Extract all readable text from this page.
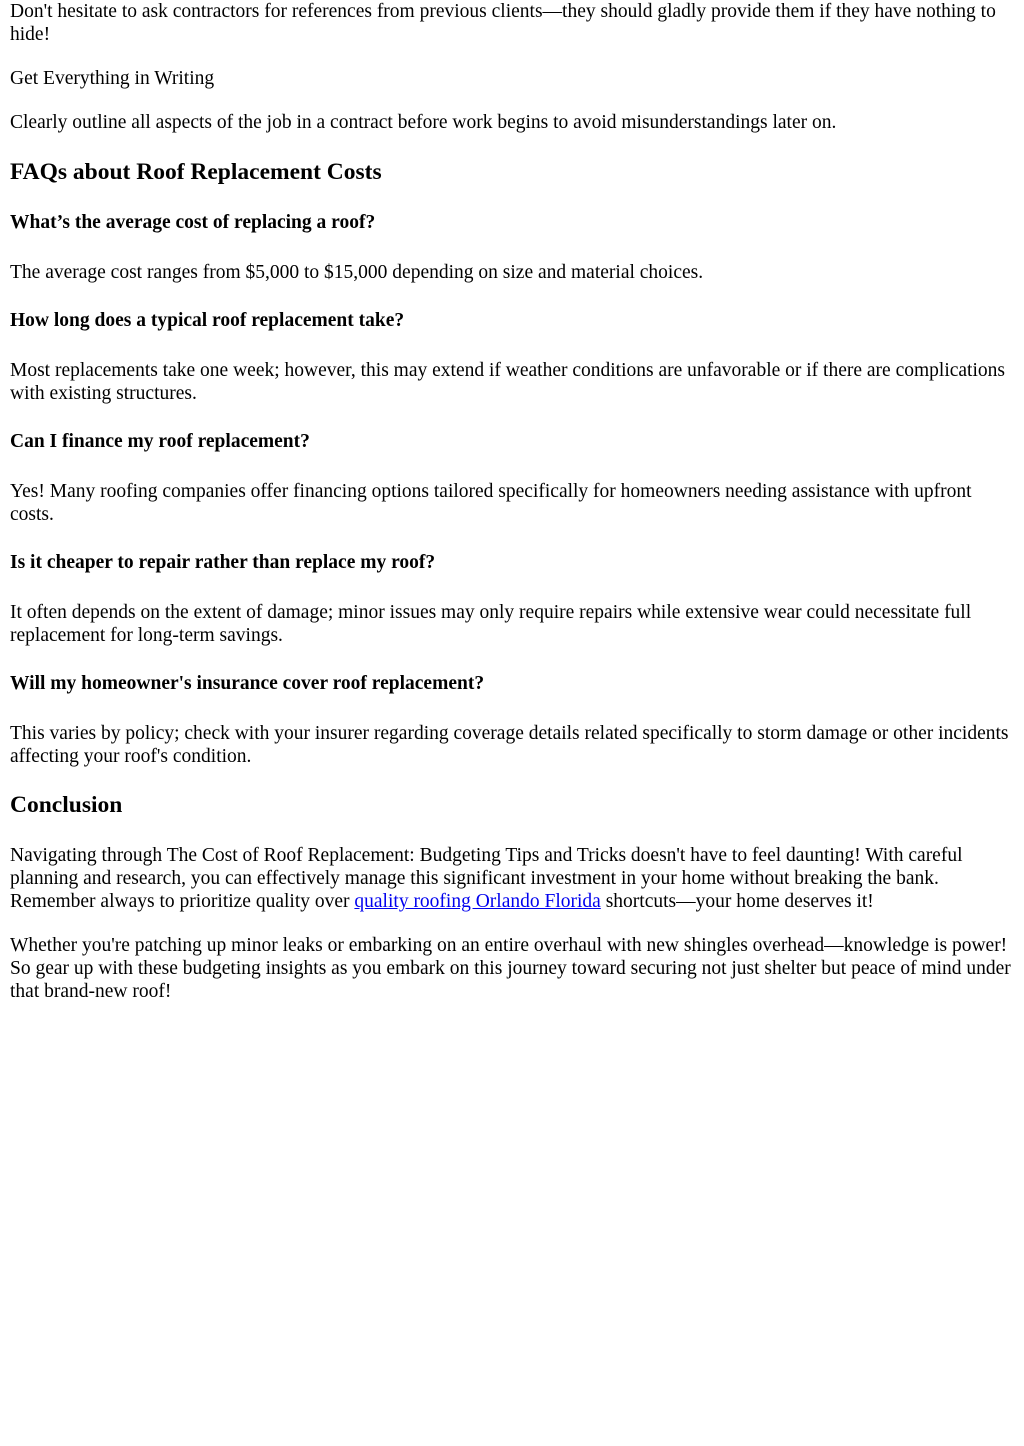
Don't hesitate to ask contractors for references from previous clients—they should gladly provide them if they have nothing to hide!

Get Everything in Writing

Clearly outline all aspects of the job in a contract before work begins to avoid misunderstandings later on.

FAQs about Roof Replacement Costs
What’s the average cost of replacing a roof?

The average cost ranges from $5,000 to $15,000 depending on size and material choices.

How long does a typical roof replacement take?

Most replacements take one week; however, this may extend if weather conditions are unfavorable or if there are complications with existing structures.

Can I finance my roof replacement?

Yes! Many roofing companies offer financing options tailored specifically for homeowners needing assistance with upfront costs.

Is it cheaper to repair rather than replace my roof?

It often depends on the extent of damage; minor issues may only require repairs while extensive wear could necessitate full replacement for long-term savings.

Will my homeowner's insurance cover roof replacement?

This varies by policy; check with your insurer regarding coverage details related specifically to storm damage or other incidents affecting your roof's condition.

Conclusion

Navigating through The Cost of Roof Replacement: Budgeting Tips and Tricks doesn't have to feel daunting! With careful planning and research, you can effectively manage this significant investment in your home without breaking the bank. Remember always to prioritize quality over quality roofing Orlando Florida shortcuts—your home deserves it!

Whether you're patching up minor leaks or embarking on an entire overhaul with new shingles overhead—knowledge is power! So gear up with these budgeting insights as you embark on this journey toward securing not just shelter but peace of mind under that brand-new roof!
